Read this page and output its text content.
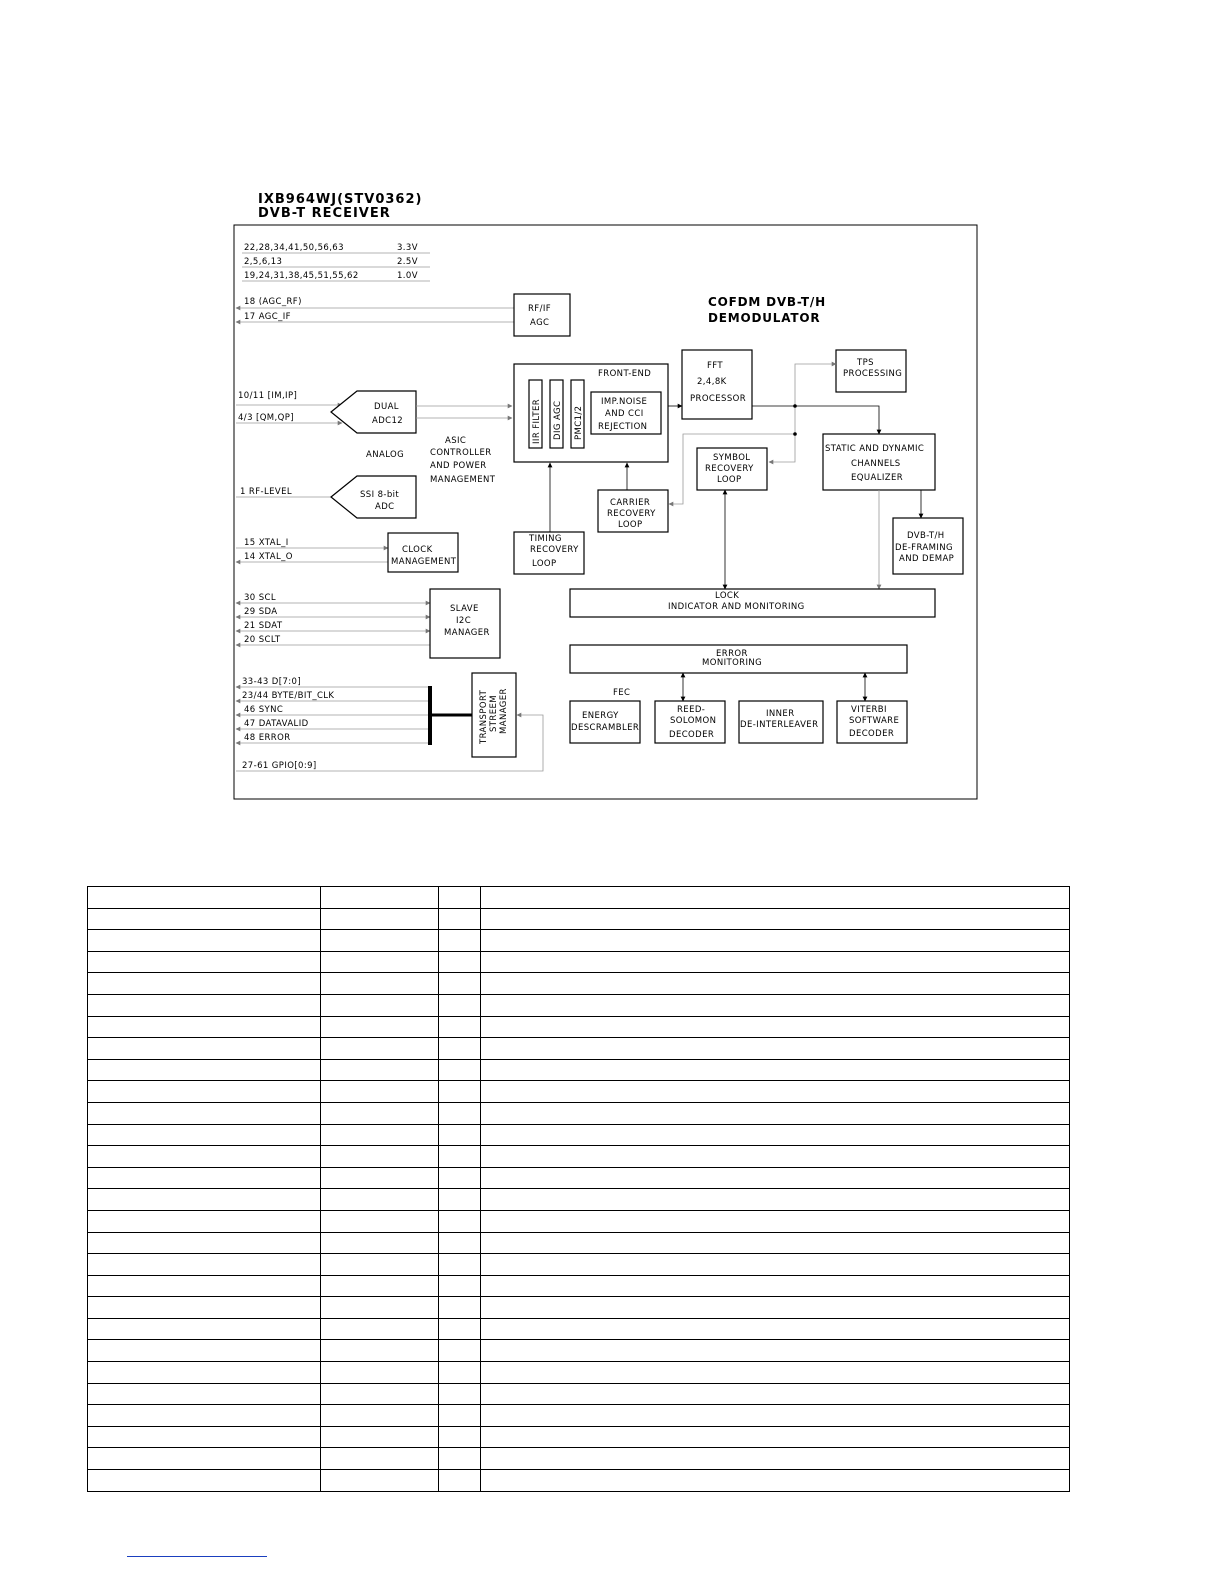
IXB964WJ(STV0362)
DVB-T RECEIVER
22,28,34,41,50,56,63	3.3V
2,5,6,13	2.5V
19,24,31,38,45,51,55,62	1.0V
COFDM DVB-T/H
DEMODULATOR
18 (AGC_RF)
17 AGC_IF
RF/IF
AGC
10/11 [IM,IP]
4/3 [QM,QP]
DUAL
ADC12
ANALOG
ASIC
CONTROLLER
AND POWER
MANAGEMENT
1 RF-LEVEL	SSI 8-bit
ADC
15 XTAL_I
14 XTAL_O
CLOCK
MANAGEMENT
30 SCL
29 SDA
21 SDAT
20 SCLT
SLAVE
I2C
MANAGER
33-43 D[7:0]
23/44 BYTE/BIT_CLK
46 SYNC
47 DATAVALID
48 ERROR
27-61 GPIO[0:9]
TRANSPORT STREEM MANAGER
FRONT-END
IIR FILTER DIG AGC PMC1/2
IMP.NOISE
AND CCI
REJECTION
FFT
2,4,8K
PROCESSOR
TPS
PROCESSING
SYMBOL
RECOVERY
LOOP
STATIC AND DYNAMIC
CHANNELS
EQUALIZER
CARRIER
RECOVERY
LOOP
TIMING
RECOVERY
LOOP
DVB-T/H
DE-FRAMING
AND DEMAP
LOCK
INDICATOR AND MONITORING
ERROR
MONITORING
FEC
ENERGY
DESCRAMBLER
REED-
SOLOMON
DECODER
INNER
DE-INTERLEAVER
VITERBI
SOFTWARE
DECODER
